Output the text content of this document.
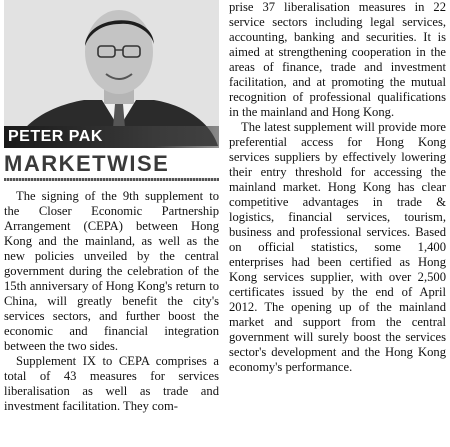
PETER PAK
MARKETWISE

The signing of the 9th supplement to the Closer Economic Partnership Arrangement (CEPA) between Hong Kong and the mainland, as well as the new policies unveiled by the central government during the celebration of the 15th anniversary of Hong Kong's return to China, will greatly benefit the city's services sectors, and further boost the economic and financial integration between the two sides.

Supplement IX to CEPA comprises a total of 43 measures for services liberalisation as well as trade and investment facilitation. They com-

prise 37 liberalisation measures in 22 service sectors including legal services, accounting, banking and securities. It is aimed at strengthening cooperation in the areas of finance, trade and investment facilitation, and at promoting the mutual recognition of professional qualifications in the mainland and Hong Kong.

The latest supplement will provide more preferential access for Hong Kong services suppliers by effectively lowering their entry threshold for accessing the mainland market. Hong Kong has clear competitive advantages in trade & logistics, financial services, tourism, business and professional services. Based on official statistics, some 1,400 enterprises had been certified as Hong Kong services supplier, with over 2,500 certificates issued by the end of April 2012. The opening up of the mainland market and support from the central government will surely boost the services sector's development and the Hong Kong economy's performance.
